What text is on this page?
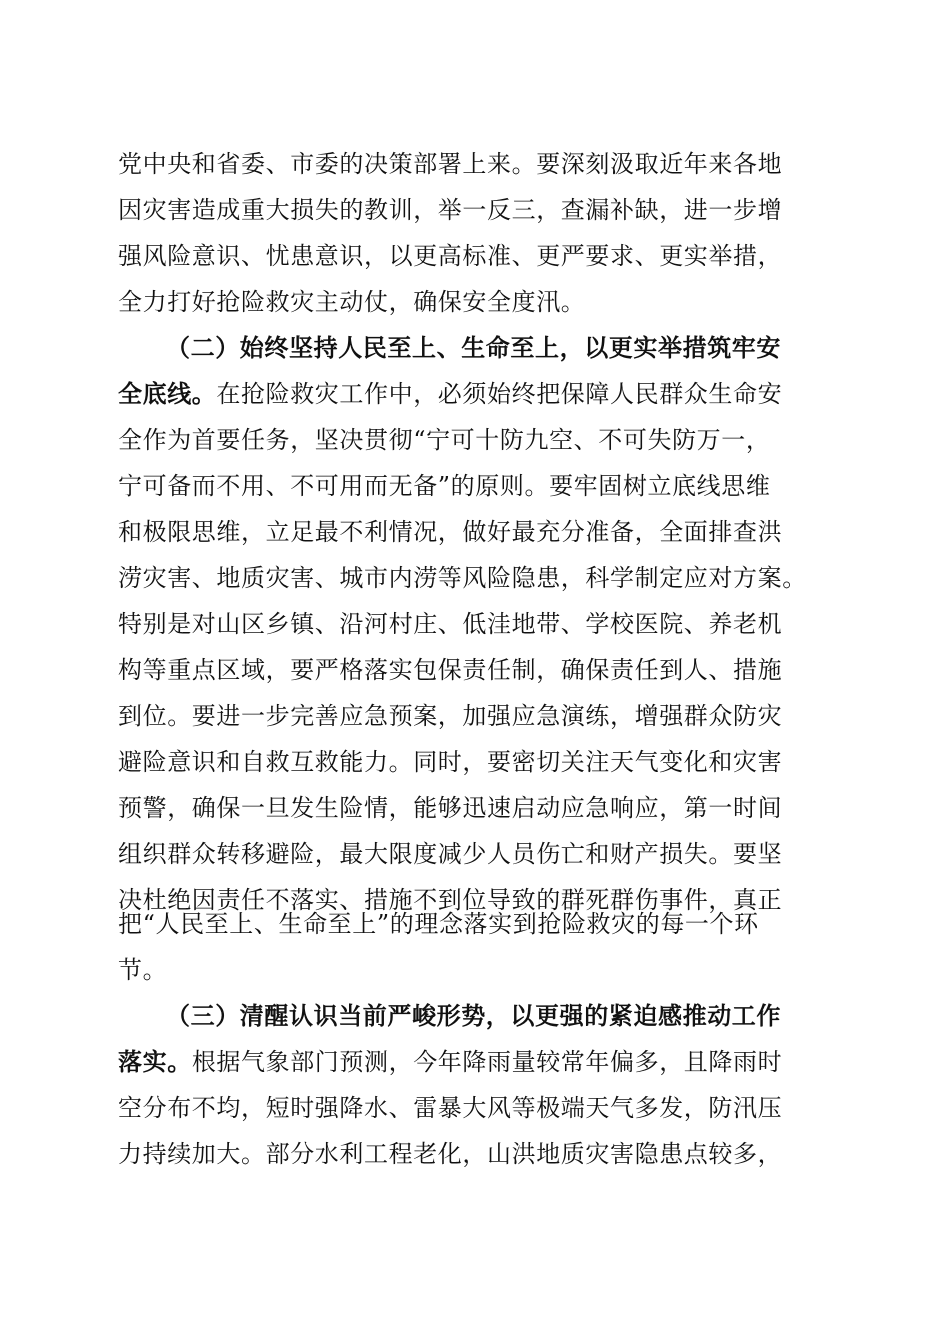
党中央和省委、市委的决策部署上来。要深刻汲取近年来各地
因灾害造成重大损失的教训，举一反三，查漏补缺，进一步增
强风险意识、忧患意识，以更高标准、更严要求、更实举措，
全力打好抢险救灾主动仗，确保安全度汛。
（二）始终坚持人民至上、生命至上，以更实举措筑牢安
全底线。在抢险救灾工作中，必须始终把保障人民群众生命安
全作为首要任务，坚决贯彻“宁可十防九空、不可失防万一，
宁可备而不用、不可用而无备”的原则。要牢固树立底线思维
和极限思维，立足最不利情况，做好最充分准备，全面排查洪
涝灾害、地质灾害、城市内涝等风险隐患，科学制定应对方案。
特别是对山区乡镇、沿河村庄、低洼地带、学校医院、养老机
构等重点区域，要严格落实包保责任制，确保责任到人、措施
到位。要进一步完善应急预案，加强应急演练，增强群众防灾
避险意识和自救互救能力。同时，要密切关注天气变化和灾害
预警，确保一旦发生险情，能够迅速启动应急响应，第一时间
组织群众转移避险，最大限度减少人员伤亡和财产损失。要坚
决杜绝因责任不落实、措施不到位导致的群死群伤事件，真正
把“人民至上、生命至上”的理念落实到抢险救灾的每一个环
节。
（三）清醒认识当前严峻形势，以更强的紧迫感推动工作
落实。根据气象部门预测，今年降雨量较常年偏多，且降雨时
空分布不均，短时强降水、雷暴大风等极端天气多发，防汛压
力持续加大。部分水利工程老化，山洪地质灾害隐患点较多，
